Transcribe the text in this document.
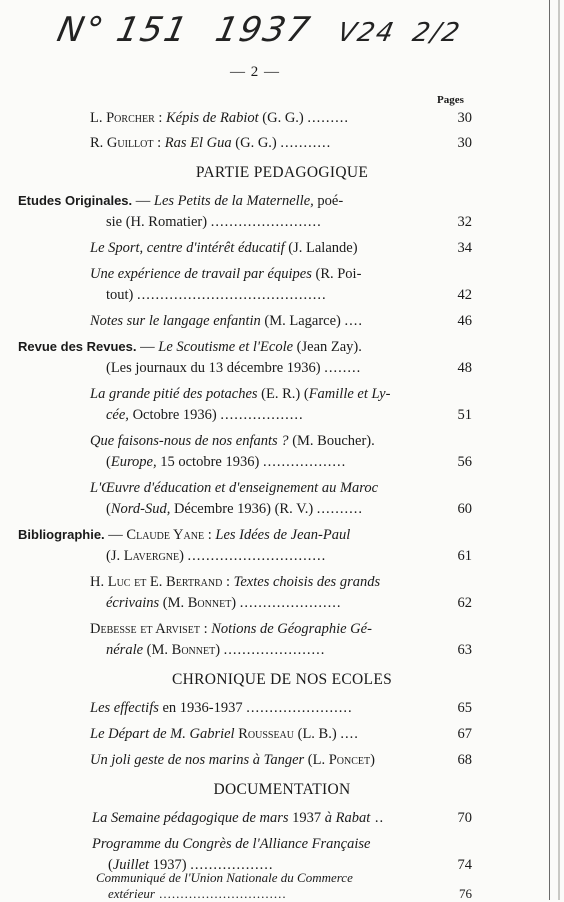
N° 151 1937 V24 2/2
— 2 —
Pages
L. Porcher : Képis de Rabiot (G. G.) .........	30
R. Guillot : Ras El Gua (G. G.) ...........	30
PARTIE PEDAGOGIQUE
Etudes Originales. — Les Petits de la Maternelle, poé-
sie (H. Romatier) ........................	32
Le Sport, centre d'intérêt éducatif (J. Lalande)	34
Une expérience de travail par équipes (R. Poi-
tout) .........................................	42
Notes sur le langage enfantin (M. Lagarce) ....	46
Revue des Revues. — Le Scoutisme et l'Ecole (Jean Zay).
(Les journaux du 13 décembre 1936) ........	48
La grande pitié des potaches (E. R.) (Famille et Ly-
cée, Octobre 1936) ..................	51
Que faisons-nous de nos enfants ? (M. Boucher).
(Europe, 15 octobre 1936) ..................	56
L'Œuvre d'éducation et d'enseignement au Maroc
(Nord-Sud, Décembre 1936) (R. V.) ..........	60
Bibliographie. — Claude Yane : Les Idées de Jean-Paul
(J. Lavergne) ..............................	61
H. Luc et E. Bertrand : Textes choisis des grands
écrivains (M. Bonnet) ......................	62
Debesse et Arviset : Notions de Géographie Gé-
nérale (M. Bonnet) ......................	63
CHRONIQUE DE NOS ECOLES
Les effectifs en 1936-1937 .......................	65
Le Départ de M. Gabriel Rousseau (L. B.) ....	67
Un joli geste de nos marins à Tanger (L. Poncet)	68
DOCUMENTATION
La Semaine pédagogique de mars 1937 à Rabat ..	70
Programme du Congrès de l'Alliance Française
(Juillet 1937) ..................	74
Communiqué de l'Union Nationale du Commerce
extérieur ..............................	76
